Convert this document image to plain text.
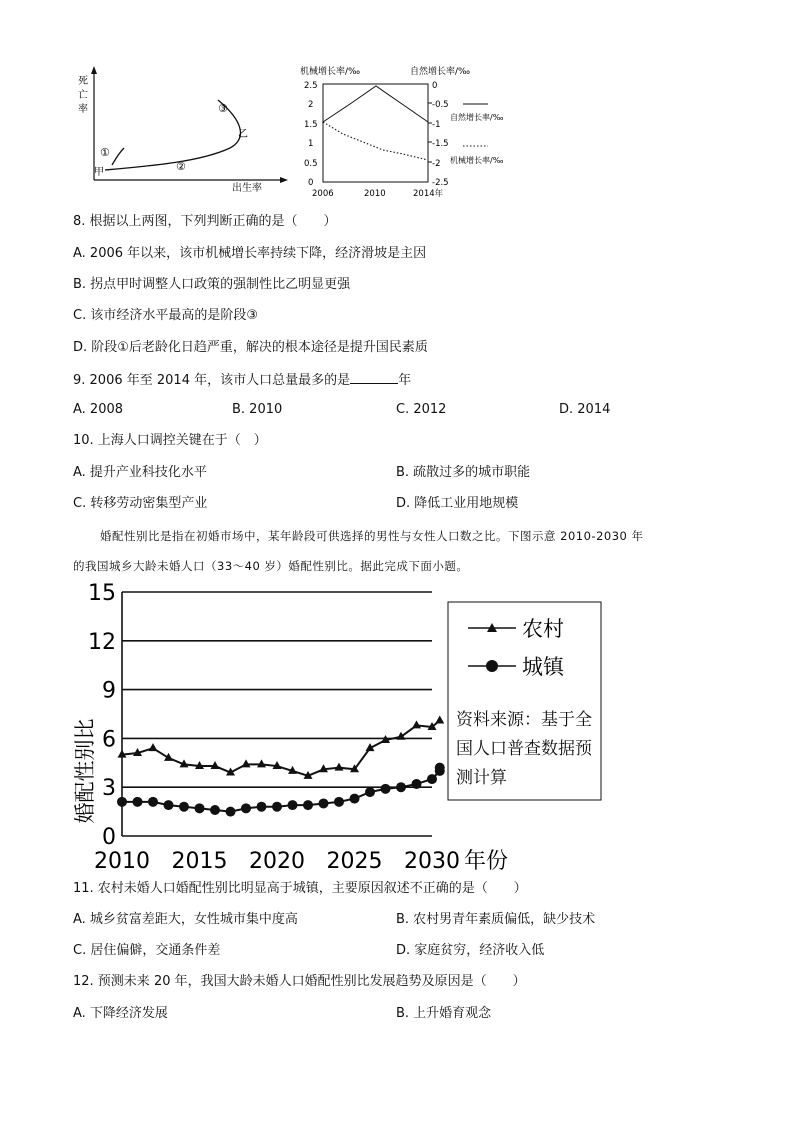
死
亡
率
出生率
甲
乙
①
②
③
机械增长率/‰	自然增长率/‰
2.5
2
1.5
1
0.5
0
0
-0.5
-1
-1.5
-2
-2.5
2006	2010	2014年
自然增长率/‰
机械增长率/‰
8. 根据以上两图，下列判断正确的是（　　）
A. 2006 年以来，该市机械增长率持续下降，经济滑坡是主因
B. 拐点甲时调整人口政策的强制性比乙明显更强
C. 该市经济水平最高的是阶段③
D. 阶段①后老龄化日趋严重，解决的根本途径是提升国民素质
9. 2006 年至 2014 年，该市人口总量最多的是	年
A. 2008	B. 2010	C. 2012	D. 2014
10. 上海人口调控关键在于（　）
A. 提升产业科技化水平	B. 疏散过多的城市职能
C. 转移劳动密集型产业	D. 降低工业用地规模
婚配性别比是指在初婚市场中，某年龄段可供选择的男性与女性人口数之比。下图示意 2010-2030 年
的我国城乡大龄未婚人口（33～40 岁）婚配性别比。据此完成下面小题。
15
12
9
6
3
0
2010 2015 2020 2025 2030 年份
婚配性别比
农村
城镇
资料来源：基于全国人口普查数据预测计算
11. 农村未婚人口婚配性别比明显高于城镇，主要原因叙述不正确的是（　　）
A. 城乡贫富差距大，女性城市集中度高	B. 农村男青年素质偏低，缺少技术
C. 居住偏僻，交通条件差	D. 家庭贫穷，经济收入低
12. 预测未来 20 年，我国大龄未婚人口婚配性别比发展趋势及原因是（　　）
A. 下降经济发展	B. 上升婚育观念
